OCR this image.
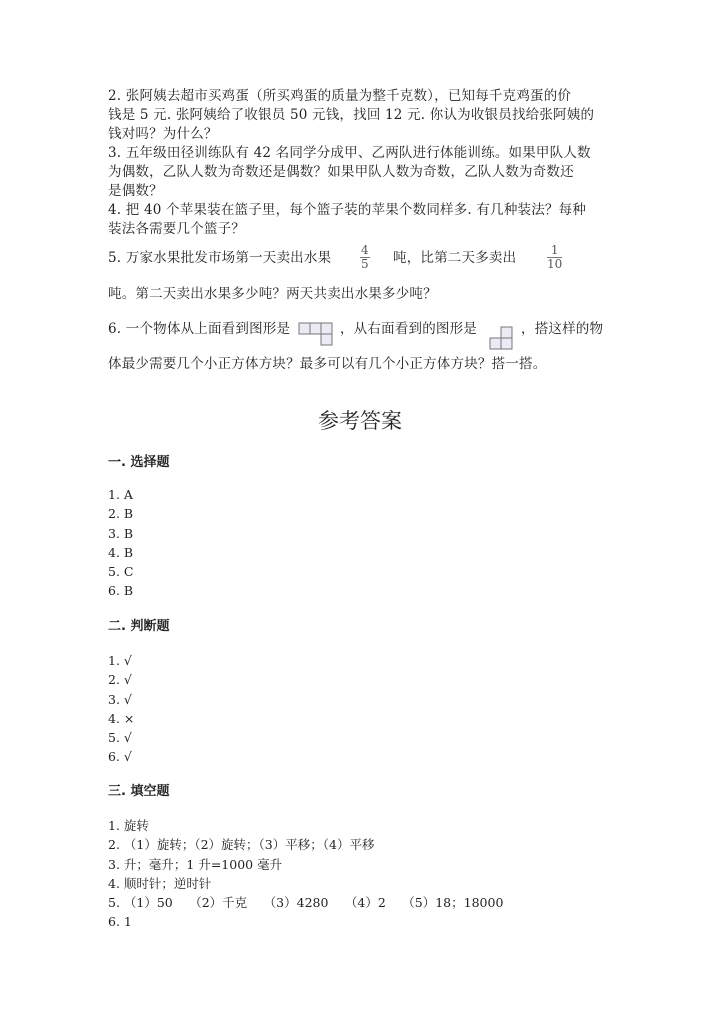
2. 张阿姨去超市买鸡蛋（所买鸡蛋的质量为整千克数），已知每千克鸡蛋的价
钱是 5 元. 张阿姨给了收银员 50 元钱，找回 12 元. 你认为收银员找给张阿姨的
钱对吗？为什么？
3. 五年级田径训练队有 42 名同学分成甲、乙两队进行体能训练。如果甲队人数
为偶数，乙队人数为奇数还是偶数？如果甲队人数为奇数，乙队人数为奇数还
是偶数？
4. 把 40 个苹果装在篮子里，每个篮子装的苹果个数同样多. 有几种装法？每种
装法各需要几个篮子？
5. 万家水果批发市场第一天卖出水果 $\frac{4}{5}$ 吨，比第二天多卖出	$\frac{1}{10}$
吨。第二天卖出水果多少吨？两天共卖出水果多少吨？
6. 一个物体从上面看到图形是	，从右面看到的图形是	，搭这样的物
体最少需要几个小正方体方块？最多可以有几个小正方体方块？搭一搭。
参考答案
一. 选择题
1. A
2. B
3. B
4. B
5. C
6. B
二. 判断题
1. √
2. √
3. √
4. ×
5. √
6. √
三. 填空题
1. 旋转
2. （1）旋转；（2）旋转；（3）平移；（4）平移
3. 升；毫升；1 升=1000 毫升
4. 顺时针；逆时针
5. （1）50　 （2）千克　 （3）4280　 （4）2　 （5）18；18000
6. 1
